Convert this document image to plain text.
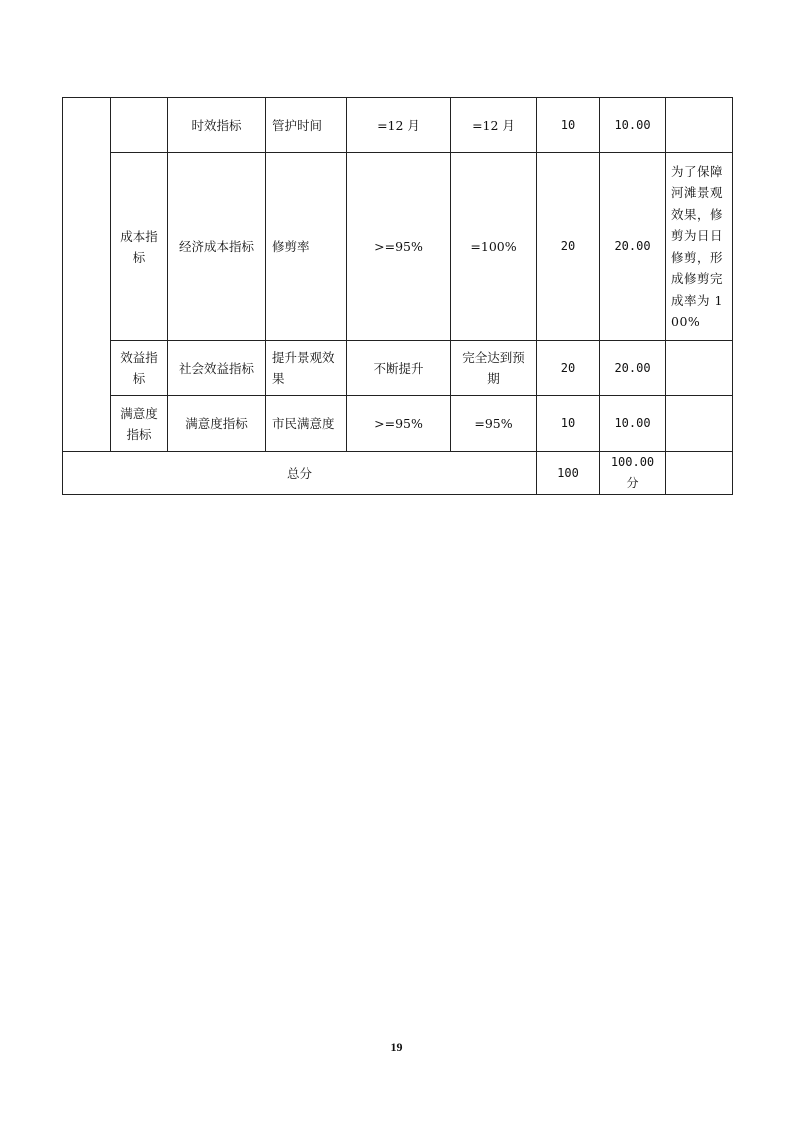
		时效指标	管护时间	=12 月	=12 月	10	10.00	
	成本指标	经济成本指标	修剪率	>=95%	=100%	20	20.00	为了保障河滩景观效果，修剪为日日修剪，形成修剪完成率为 100%

	效益指标	社会效益指标	提升景观效果	不断提升	完全达到预期	20	20.00	
	满意度指标	满意度指标	市民满意度	>=95%	=95%	10	10.00	
总分						100	100.00分	
19
